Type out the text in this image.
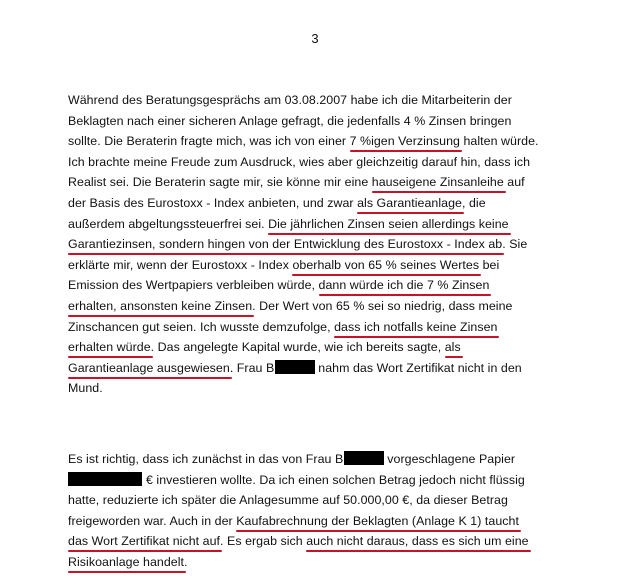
3
Während des Beratungsgesprächs am 03.08.2007 habe ich die Mitarbeiterin der
Beklagten nach einer sicheren Anlage gefragt, die jedenfalls 4 % Zinsen bringen
sollte. Die Beraterin fragte mich, was ich von einer 7 %igen Verzinsung halten würde.
Ich brachte meine Freude zum Ausdruck, wies aber gleichzeitig darauf hin, dass ich
Realist sei. Die Beraterin sagte mir, sie könne mir eine hauseigene Zinsanleihe auf
der Basis des Eurostoxx - Index anbieten, und zwar als Garantieanlage, die
außerdem abgeltungssteuerfrei sei. Die jährlichen Zinsen seien allerdings keine
Garantiezinsen, sondern hingen von der Entwicklung des Eurostoxx - Index ab. Sie
erklärte mir, wenn der Eurostoxx - Index oberhalb von 65 % seines Wertes bei
Emission des Wertpapiers verbleiben würde, dann würde ich die 7 % Zinsen
erhalten, ansonsten keine Zinsen. Der Wert von 65 % sei so niedrig, dass meine
Zinschancen gut seien. Ich wusste demzufolge, dass ich notfalls keine Zinsen
erhalten würde. Das angelegte Kapital wurde, wie ich bereits sagte, als
Garantieanlage ausgewiesen. Frau B	nahm das Wort Zertifikat nicht in den
Mund.
Es ist richtig, dass ich zunächst in das von Frau B	vorgeschlagene Papier
€ investieren wollte. Da ich einen solchen Betrag jedoch nicht flüssig
hatte, reduzierte ich später die Anlagesumme auf 50.000,00 €, da dieser Betrag
freigeworden war. Auch in der Kaufabrechnung der Beklagten (Anlage K 1) taucht
das Wort Zertifikat nicht auf. Es ergab sich auch nicht daraus, dass es sich um eine
Risikoanlage handelt.
